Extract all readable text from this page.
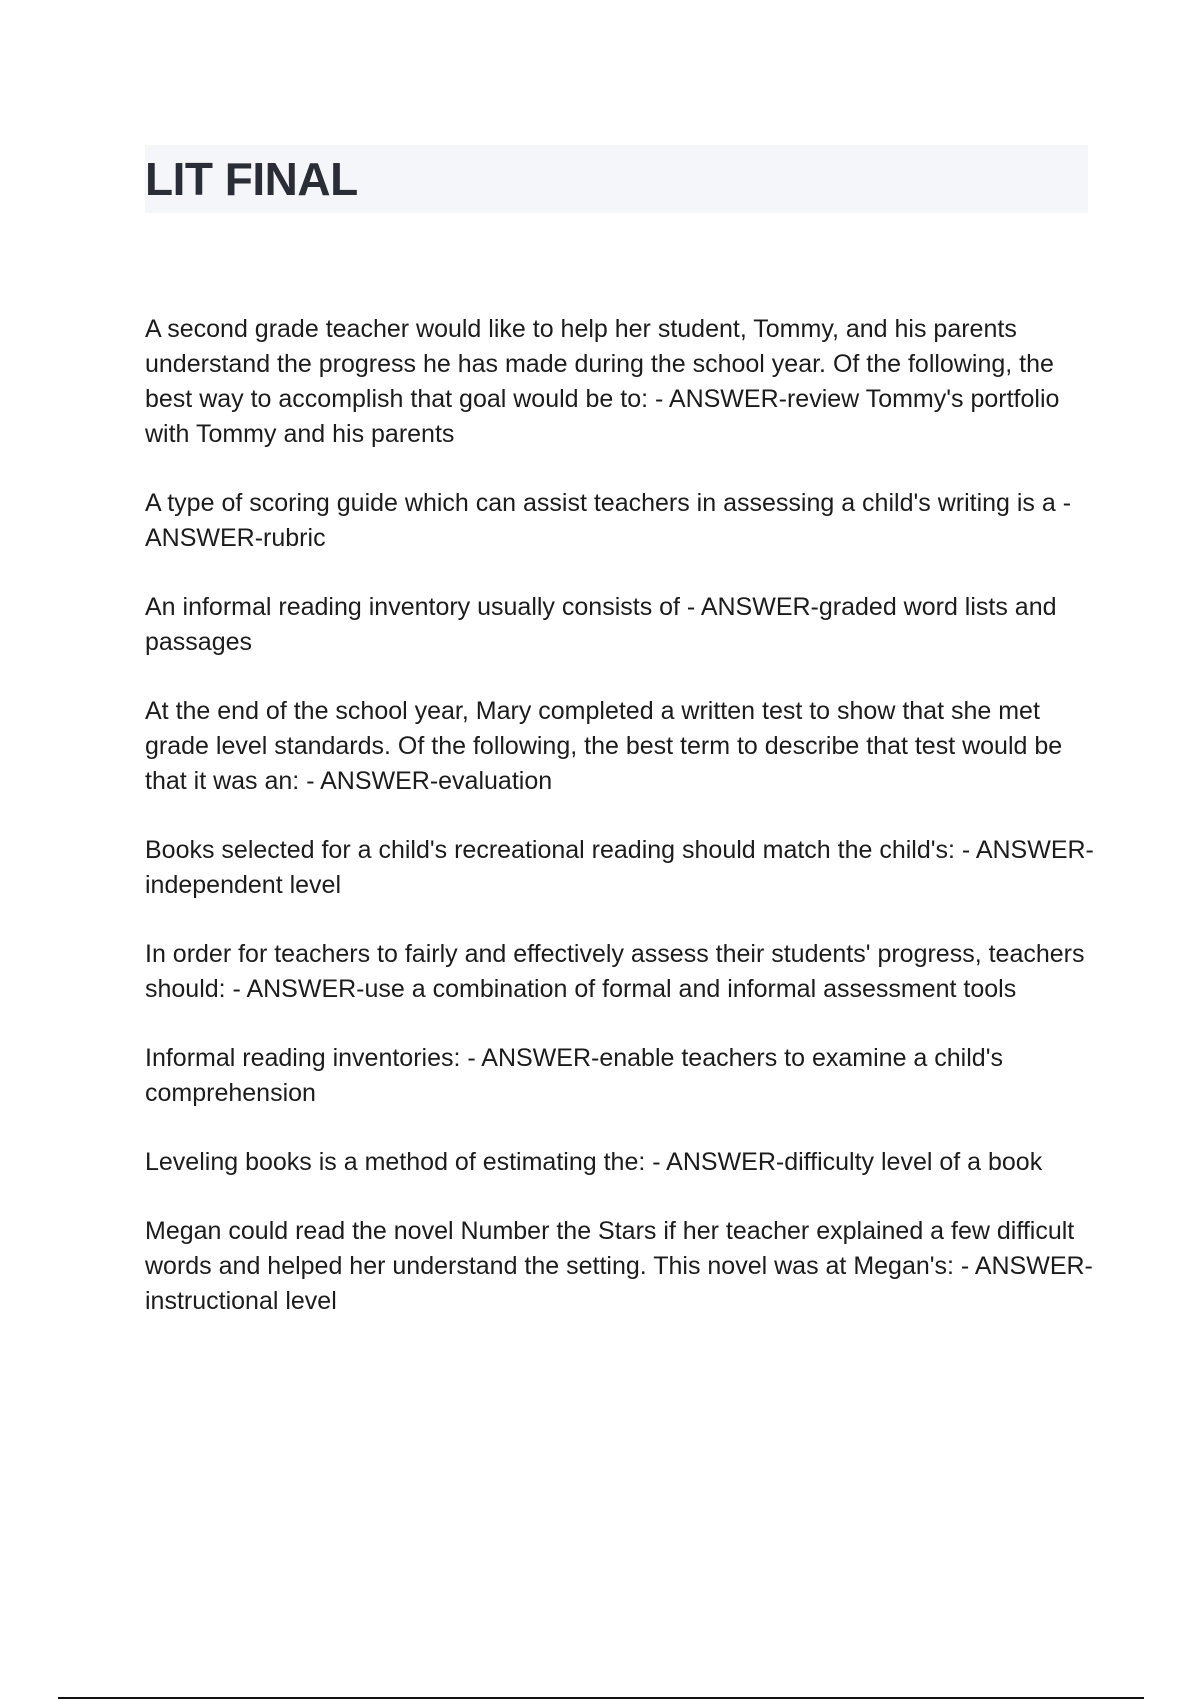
LIT FINAL

A second grade teacher would like to help her student, Tommy, and his parents understand the progress he has made during the school year. Of the following, the best way to accomplish that goal would be to: - ANSWER-review Tommy's portfolio with Tommy and his parents

A type of scoring guide which can assist teachers in assessing a child's writing is a - ANSWER-rubric

An informal reading inventory usually consists of - ANSWER-graded word lists and passages

At the end of the school year, Mary completed a written test to show that she met grade level standards. Of the following, the best term to describe that test would be that it was an: - ANSWER-evaluation

Books selected for a child's recreational reading should match the child's: - ANSWER-independent level

In order for teachers to fairly and effectively assess their students' progress, teachers should: - ANSWER-use a combination of formal and informal assessment tools

Informal reading inventories: - ANSWER-enable teachers to examine a child's comprehension

Leveling books is a method of estimating the: - ANSWER-difficulty level of a book

Megan could read the novel Number the Stars if her teacher explained a few difficult words and helped her understand the setting. This novel was at Megan's: - ANSWER-instructional level
